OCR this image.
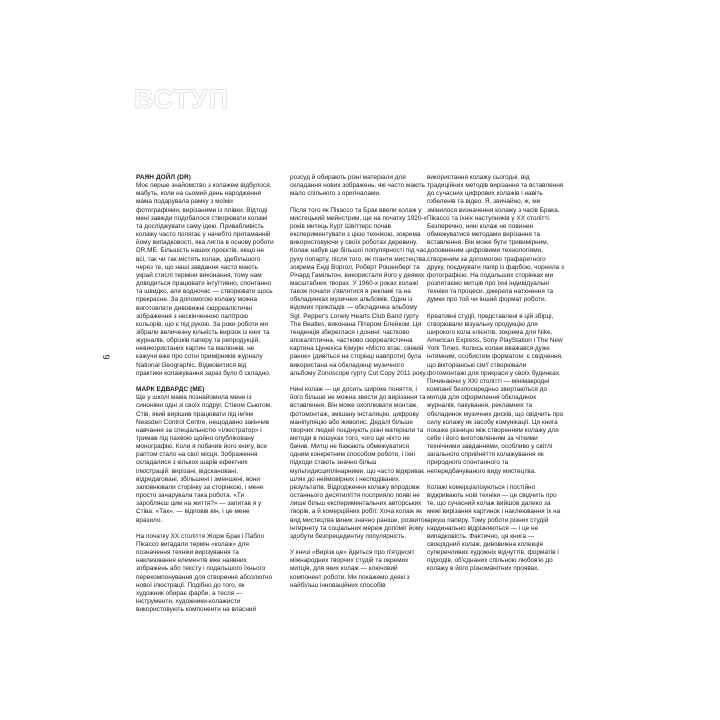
ВСТУП
6
РАЯН ДОЙЛ (DR)

Моє перше знайомство з колажем відбулося, мабуть, коли на сьомий день народження мама подарувала рамку з моїми фотографіями, вирізаними із плівки. Відтоді мені завжди подобалося створювати колажі та досліджувати саму ідею. Привабливість колажу часто полягає у начебто притаманній йому випадковості, яка лягла в основу роботи DR.ME. Більшість наших проєктів, якщо не всі, так чи так містять колаж, здебільшого через те, що наші завдання часто мають украй стислі терміни виконання, тому нам доводиться працювати інтуїтивно, спонтанно та швидко, але водночас — створювати щось прекрасне. За допомогою колажу можна виготовляти дивовижні сюрреалістичні зображення з нескінченною палітрою кольорів, що є під рукою. За роки роботи ми зібрали величезну кількість вирізок із книг та журналів, обрізків паперу та репродукцій, невикористаних картин та малюнків, не кажучи вже про сотні примірників журналу National Geographic. Відмовитися від практики колажування зараз було б складно.

МАРК ЕДВАРДС (ME)

Ще у школі мама познайомила мене із синоніми одні зі своїх подруг, Стівом Сьютом. Стів, який вирішив працювати під ім'ям Neasden Control Centre, нещодавно закінчив навчання за спеціальністю «Ілюстратор» і тримав під пахвою щойно опубліковану монографію. Коли я побачив його книгу, все раптом стало на свої місця. Зображення складалися з кількох шарів ефектних ілюстрацій: вирізані, відскановані, відредаговані, збільшені і зменшені, вони заповнювали сторінку за сторінкою, і мене просто зачарувала така робота. «Ти заробляєш цим на життя?» — запитав я у Стіва. «Так», — відповів він, і це мене вразило.

На початку XX століття Жорж Брак і Пабло Пікассо вигадали термін «колаж» для позначення техніки вирізування та наклеювання елементів вже наявних зображень або тексту і подальшого їхнього перекомпонування для створення абсолютно нової ілюстрації. Подібно до того, як художник обирає фарби, а тесля — інструменти, художники-колажисти використовують компоненти на власний

розсуд й обирають різні матеріали для складання нових зображень, які часто мають мало спільного з оригіналами.

Після того як Пікассо та Брак ввели колаж у мистецький мейнстрим, ще на початку 1920-х років митець Курт Швіттерс почав експериментувати з цією технікою, зокрема використовуючи у своїх роботах деревину. Колаж набув ще більшої популярності під час руху попарту, після того, як гіганти мистецтва, зокрема Енді Воргол, Роберт Рошенберг та Річард Гамільтон, використали його у деяких масштабних творах. У 1960-х роках колажі також почали з'являтися в рекламі та на обкладинках музичних альбомів. Один із відомих прикладів — обкладинка альбому Sgt. Pepper's Lonely Hearts Club Band гурту The Beatles, виконана Пітером Блейком. Ця тенденція збереглася і донині: частково апокаліптична, частково сюрреалістична картина Цунехіса Кімури «Місто втає: свіжий ранок» (дивіться на сторінці навпроти) була використана на обкладинці музичного альбому Zonoscope гурту Cut Copy 2011 року.

Нині колаж — це досить широке поняття, і його більше не можна звести до вирізання та вставлення. Він може охоплювати монтаж, фотомонтаж, змішану інсталяцію, цифрову маніпуляцію або живопис. Дедалі більше творчих людей поєднують різні матеріали та методи в пошуках того, чого ще ніхто не бачив. Митці не бажають обмежуватися одним конкретним способом роботи, і їхні підходи стають значно більш мультидисциплінарними, що часто відкриває шлях до неймовірних і несподіваних результатів. Відродження колажу впродовж останнього десятиліття посприяло появі не лише більш експериментальних авторських творів, а й комерційних робіт. Хоча колаж як вид мистецтва виник значно раніше, розвиток інтернету та соціальних мереж допоміг йому здобути безпрецедентну популярність.

У книзі «Вирізк це» йдеться про п'ятдесят міжнародних творчих студій та окремих митців, для яких колаж — ключовий компонент роботи. Ми покажемо деякі з найбільш інноваційних способів

використання колажу сьогодні, від традиційних методів вирізання та вставлення до сучасних цифрових колажів і навіть гобеленів та відео. Я, звичайно, ж, ми змінилося визначення колажу з часів Брака, Пікассо та їхніх наступників у XX столітті. Безперечно, нині колаж не повинен обмежуватися методами вирізання та вставлення. Він може бути тривимірним, доповненим цифровими технологіями, створеним за допомогою трафаретного друку, поєднувати папір із фарбою, чорнила з фотографією. На подальших сторінках ми розпитаємо митців про їхні індивідуальні техніки та процеси, джерела натхнення та думки про той чи інший формат роботи.

Креативні студії, представлені в цій збірці, створювали візуальну продукцію для широкого кола клієнтів, зокрема для Nike, American Express, Sony PlayStation і The New York Times. Колись колаж вважався дуже інтимним, особистим форматом: є свідчення, що вікторіанські сім'ї створювали фотомонтажі для прикраси у своїх будинках. Починаючи у XXI столітті — мінімакродні компанії безпосередньо звертаються до митців для оформлення обкладинок журналів, пакування, рекламних та обкладинок музичних дисків, що свідчить про силу колажу як засобу комунікації. Ця книга покаже різницю між створенням колажу для себе і його виготовленням за чіткими технічними завданнями, особливо у світлі загального сприйняття колажування як природного спонтанного та непередбачуваного виду мистецтва.

Колажі комерціалізуються і постійно відкривають нові техніки — це свідчить про те, що сучасний колаж вийшов далеко за межі вирізання картинок і наклеювання їх на аркуш паперу. Тому роботи різних студій кардинально відрізняються — і це не випадковість. Фактично, ця книга — своєрідний колаж, дивовижна колекція суперечливих художніх відчуттів, форматів і підходів, об'єднаних спільною любов'ю до колажу в його різноманітних проявах.
